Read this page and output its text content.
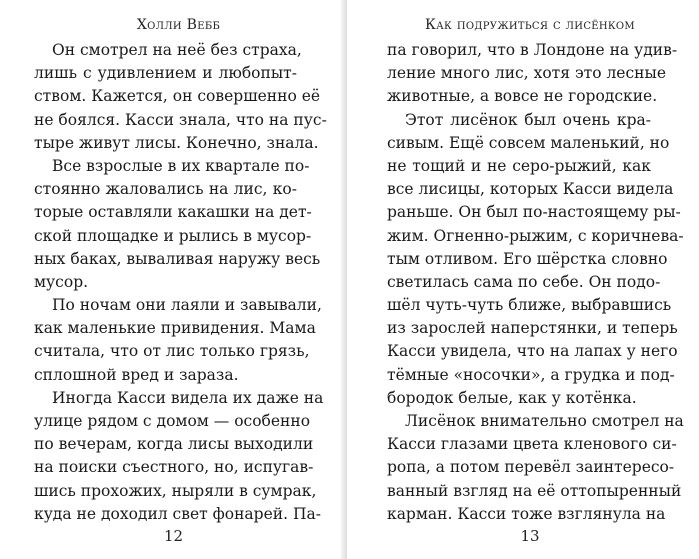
Холли Вебб
Он смотрел на неё без страха,
лишь с удивлением и любопыт-
ством. Кажется, он совершенно её
не боялся. Касси знала, что на пус-
тыре живут лисы. Конечно, знала.
Все взрослые в их квартале по-
стоянно жаловались на лис, ко-
торые оставляли какашки на дет-
ской площадке и рылись в мусор-
ных баках, вываливая наружу весь
мусор.
По ночам они лаяли и завывали,
как маленькие привидения. Мама
считала, что от лис только грязь,
сплошной вред и зараза.
Иногда Касси видела их даже на
улице рядом с домом — особенно
по вечерам, когда лисы выходили
на поиски съестного, но, испугав-
шись прохожих, ныряли в сумрак,
куда не доходил свет фонарей. Па-
12
Как подружиться с лисёнком
па говорил, что в Лондоне на удив-
ление много лис, хотя это лесные
животные, а вовсе не городские.
Этот лисёнок был очень кра-
сивым. Ещё совсем маленький, но
не тощий и не серо-рыжий, как
все лисицы, которых Касси видела
раньше. Он был по-настоящему ры-
жим. Огненно-рыжим, с коричнева-
тым отливом. Его шёрстка словно
светилась сама по себе. Он подо-
шёл чуть-чуть ближе, выбравшись
из зарослей наперстянки, и теперь
Касси увидела, что на лапах у него
тёмные «носочки», а грудка и под-
бородок белые, как у котёнка.
Лисёнок внимательно смотрел на
Касси глазами цвета кленового си-
ропа, а потом перевёл заинтересо-
ванный взгляд на её оттопыренный
карман. Касси тоже взглянула на
13
